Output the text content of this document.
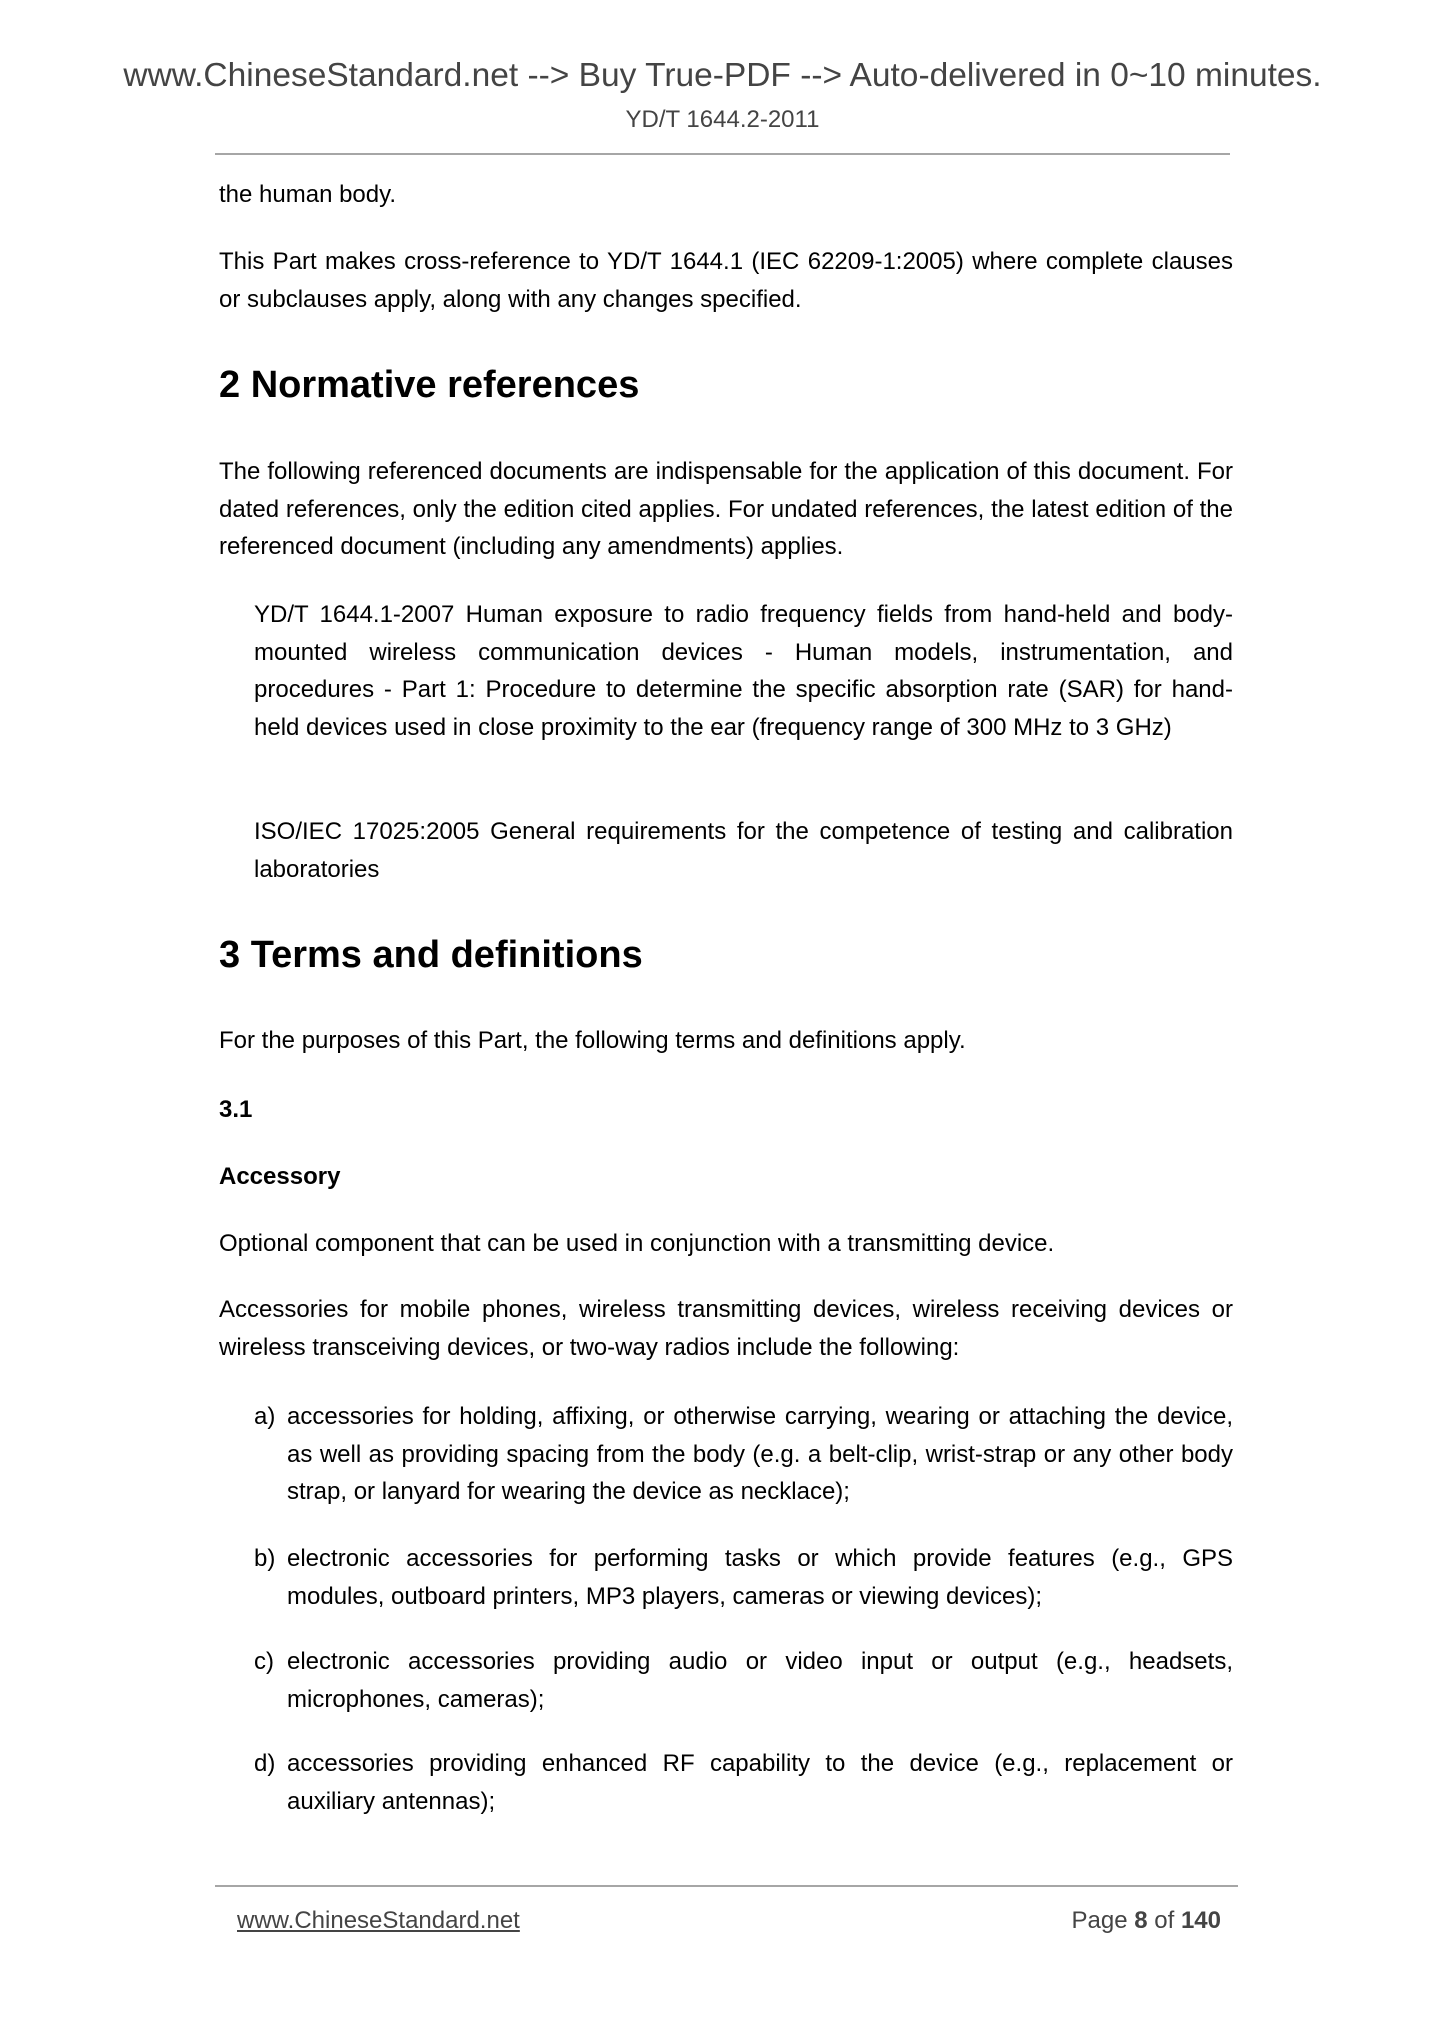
www.ChineseStandard.net --> Buy True-PDF --> Auto-delivered in 0~10 minutes.
YD/T 1644.2-2011
the human body.
This Part makes cross-reference to YD/T 1644.1 (IEC 62209-1:2005) where complete clauses or subclauses apply, along with any changes specified.
2 Normative references
The following referenced documents are indispensable for the application of this document. For dated references, only the edition cited applies. For undated references, the latest edition of the referenced document (including any amendments) applies.
YD/T 1644.1-2007 Human exposure to radio frequency fields from hand-held and body- mounted wireless communication devices - Human models, instrumentation, and procedures - Part 1: Procedure to determine the specific absorption rate (SAR) for hand-held devices used in close proximity to the ear (frequency range of 300 MHz to 3 GHz)
ISO/IEC 17025:2005 General requirements for the competence of testing and calibration laboratories
3 Terms and definitions
For the purposes of this Part, the following terms and definitions apply.
3.1
Accessory
Optional component that can be used in conjunction with a transmitting device.
Accessories for mobile phones, wireless transmitting devices, wireless receiving devices or wireless transceiving devices, or two-way radios include the following:
a) accessories for holding, affixing, or otherwise carrying, wearing or attaching the device, as well as providing spacing from the body (e.g. a belt-clip, wrist-strap or any other body strap, or lanyard for wearing the device as necklace);
b) electronic accessories for performing tasks or which provide features (e.g., GPS modules, outboard printers, MP3 players, cameras or viewing devices);
c) electronic accessories providing audio or video input or output (e.g., headsets, microphones, cameras);
d) accessories providing enhanced RF capability to the device (e.g., replacement or auxiliary antennas);
www.ChineseStandard.net	Page 8 of 140
